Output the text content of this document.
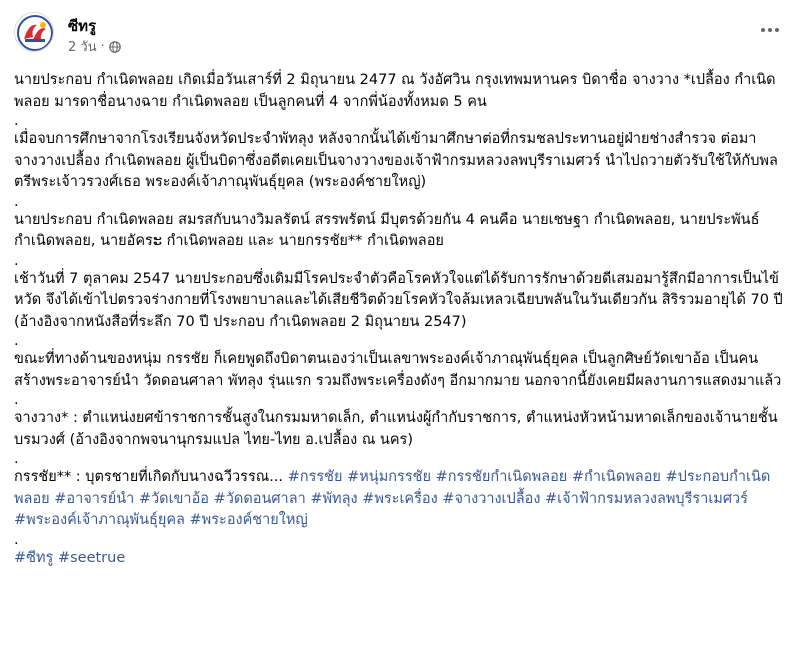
ซีทรู
2 วัน ·

นายประกอบ กำเนิดพลอย เกิดเมื่อวันเสาร์ที่ 2 มิถุนายน 2477 ณ วังอัศวิน กรุงเทพมหานคร บิดาชื่อ จางวาง *เปลื้อง กำเนิดพลอย มารดาชื่อนางฉาย กำเนิดพลอย เป็นลูกคนที่ 4 จากพี่น้องทั้งหมด 5 คน

.

เมื่อจบการศึกษาจากโรงเรียนจังหวัดประจำพัทลุง หลังจากนั้นได้เข้ามาศึกษาต่อที่กรมชลประทานอยู่ฝ่ายช่างสำรวจ ต่อมาจางวางเปลื้อง กำเนิดพลอย ผู้เป็นบิดาซึ่งอดีตเคยเป็นจางวางของเจ้าฟ้ากรมหลวงลพบุรีราเมศวร์ นำไปถวายตัวรับใช้ให้กับพลตรีพระเจ้าวรวงศ์เธอ พระองค์เจ้าภาณุพันธุ์ยุคล (พระองค์ชายใหญ่)

.

นายประกอบ กำเนิดพลอย สมรสกับนางวิมลรัตน์ สรรพรัตน์ มีบุตรด้วยกัน 4 คนคือ นายเชษฐา กำเนิดพลอย, นายประพันธ์ กำเนิดพลอย, นายอัครະ กำเนิดพลอย และ นายกรรชัย** กำเนิดพลอย

.

เช้าวันที่ 7 ตุลาคม 2547 นายประกอบซึ่งเดิมมีโรคประจำตัวคือโรคหัวใจแต่ได้รับการรักษาด้วยดีเสมอมารู้สึกมีอาการเป็นไข้หวัด จึงได้เข้าไปตรวจร่างกายที่โรงพยาบาลและได้เสียชีวิตด้วยโรคหัวใจล้มเหลวเฉียบพลันในวันเดียวกัน สิริรวมอายุได้ 70 ปี (อ้างอิงจากหนังสือที่ระลึก 70 ปี ประกอบ กำเนิดพลอย 2 มิถุนายน 2547)

.

ขณะที่ทางด้านของหนุ่ม กรรชัย ก็เคยพูดถึงบิดาตนเองว่าเป็นเลขาพระองค์เจ้าภาณุพันธุ์ยุคล เป็นลูกศิษย์วัดเขาอ้อ เป็นคนสร้างพระอาจารย์นำ วัดดอนศาลา พัทลุง รุ่นแรก รวมถึงพระเครื่องดังๆ อีกมากมาย นอกจากนี้ยังเคยมีผลงานการแสดงมาแล้ว

.

จางวาง* : ตำแหน่งยศข้าราชการชั้นสูงในกรมมหาดเล็ก, ตำแหน่งผู้กำกับราชการ, ตำแหน่งหัวหน้ามหาดเล็กของเจ้านายชั้นบรมวงศ์ (อ้างอิงจากพจนานุกรมแปล ไทย-ไทย อ.เปลื้อง ณ นคร)

.

กรรชัย** : บุตรชายที่เกิดกับนางฉวีวรรณ... #กรรชัย #หนุ่มกรรชัย #กรรชัยกำเนิดพลอย #กำเนิดพลอย #ประกอบกำเนิดพลอย #อาจารย์นำ #วัดเขาอ้อ #วัดดอนศาลา #พัทลุง #พระเครื่อง #จางวางเปลื้อง #เจ้าฟ้ากรมหลวงลพบุรีราเมศวร์ #พระองค์เจ้าภาณุพันธุ์ยุคล #พระองค์ชายใหญ่

.

#ซีทรู #seetrue
